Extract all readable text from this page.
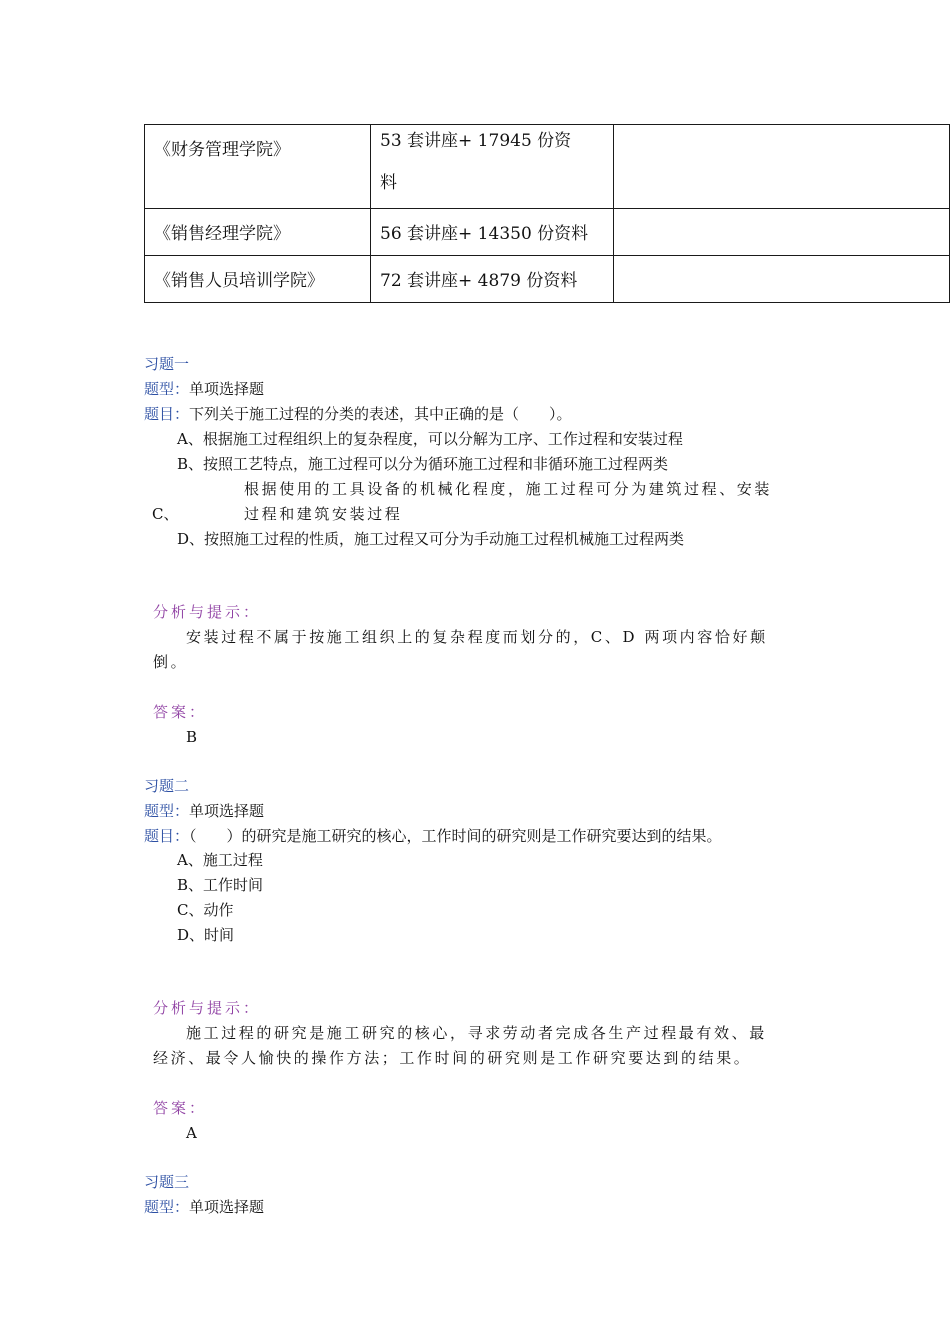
《财务管理学院》	53 套讲座+ 17945 份资
料	

《销售经理学院》	56 套讲座+ 14350 份资料	
《销售人员培训学院》	72 套讲座+ 4879 份资料	
习题一
题型：单项选择题
题目：下列关于施工过程的分类的表述，其中正确的是（　　）。
A、根据施工过程组织上的复杂程度，可以分解为工序、工作过程和安装过程
B、按照工艺特点，施工过程可以分为循环施工过程和非循环施工过程两类
根据使用的工具设备的机械化程度，施工过程可分为建筑过程、安装
C、	过程和建筑安装过程
D、按照施工过程的性质，施工过程又可分为手动施工过程机械施工过程两类
分析与提示：
安装过程不属于按施工组织上的复杂程度而划分的，C、D 两项内容恰好颠
倒。
答案：
B
习题二
题型：单项选择题
题目：（　　）的研究是施工研究的核心，工作时间的研究则是工作研究要达到的结果。
A、施工过程
B、工作时间
C、动作
D、时间
分析与提示：
施工过程的研究是施工研究的核心，寻求劳动者完成各生产过程最有效、最
经济、最令人愉快的操作方法；工作时间的研究则是工作研究要达到的结果。
答案：
A
习题三
题型：单项选择题
